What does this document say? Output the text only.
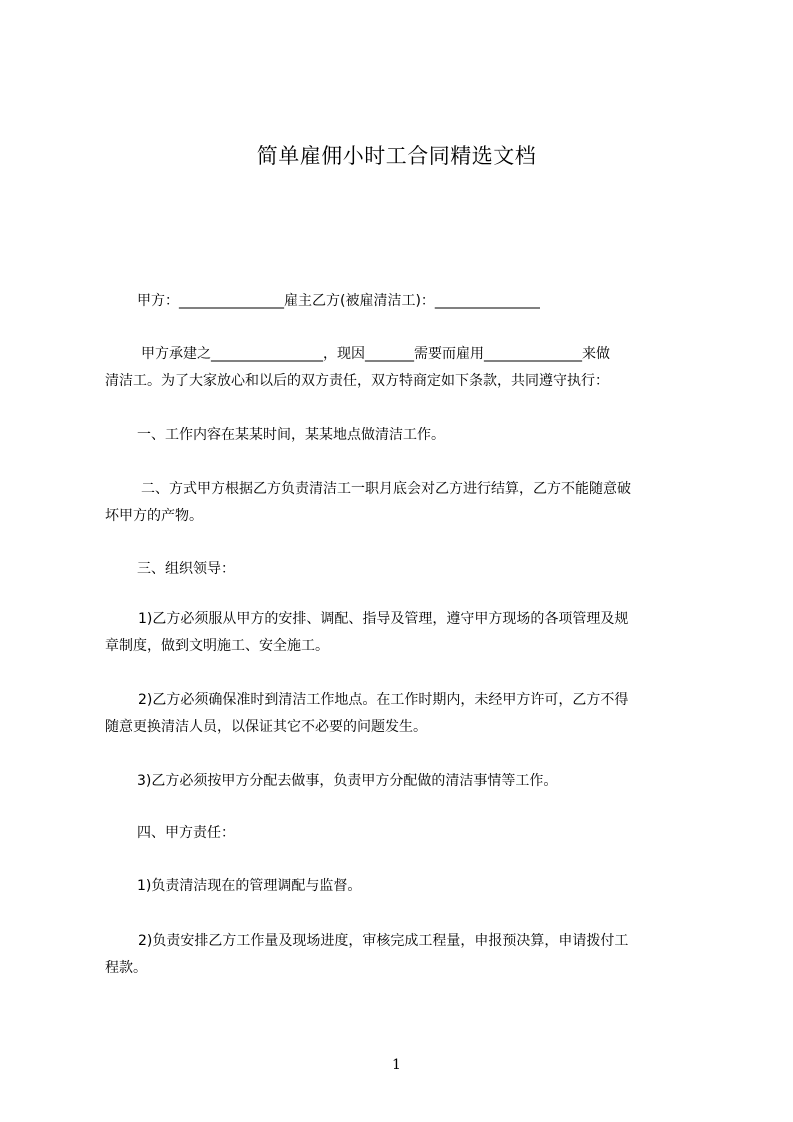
简单雇佣小时工合同精选文档
甲方：_______________雇主乙方(被雇清洁工)：_______________
甲方承建之________________，现因_______需要而雇用______________来做
清洁工。为了大家放心和以后的双方责任，双方特商定如下条款，共同遵守执行：
一、工作内容在某某时间，某某地点做清洁工作。
二、方式甲方根据乙方负责清洁工一职月底会对乙方进行结算，乙方不能随意破
坏甲方的产物。
三、组织领导：
1)乙方必须服从甲方的安排、调配、指导及管理，遵守甲方现场的各项管理及规
章制度，做到文明施工、安全施工。
2)乙方必须确保准时到清洁工作地点。在工作时期内，未经甲方许可，乙方不得
随意更换清洁人员，以保证其它不必要的问题发生。
3)乙方必须按甲方分配去做事，负责甲方分配做的清洁事情等工作。
四、甲方责任：
1)负责清洁现在的管理调配与监督。
2)负责安排乙方工作量及现场进度，审核完成工程量，申报预决算，申请拨付工
程款。
1
